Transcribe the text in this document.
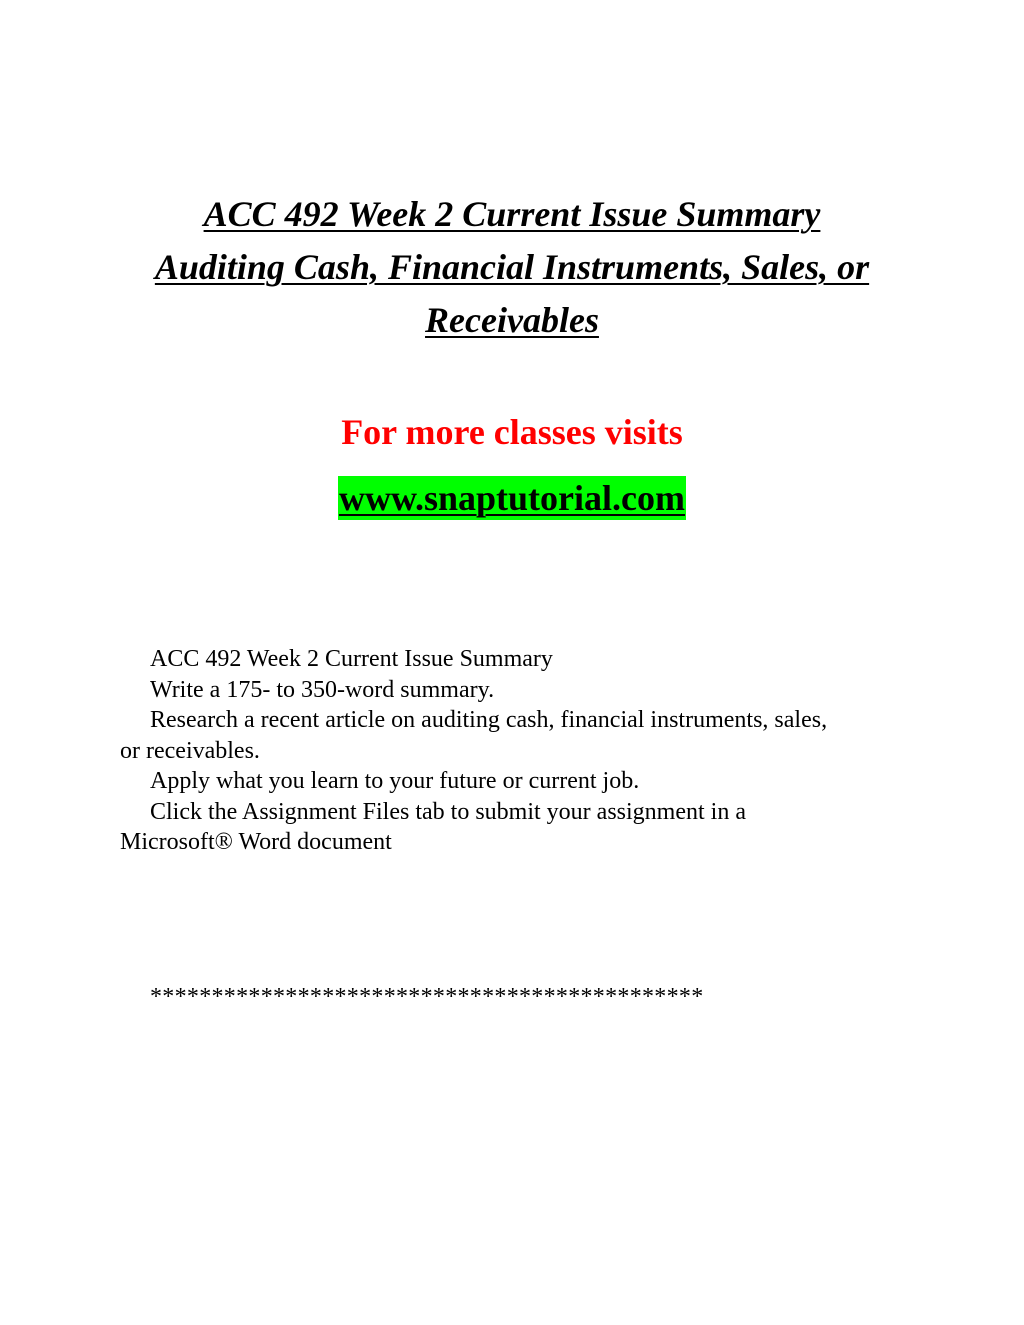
ACC 492 Week 2 Current Issue Summary
Auditing Cash, Financial Instruments, Sales, or
Receivables
For more classes visits
www.snaptutorial.com
ACC 492 Week 2 Current Issue Summary
Write a 175- to 350-word summary.
Research a recent article on auditing cash, financial instruments, sales,
or receivables.
Apply what you learn to your future or current job.
Click the Assignment Files tab to submit your assignment in a
Microsoft® Word document
*********************************************
